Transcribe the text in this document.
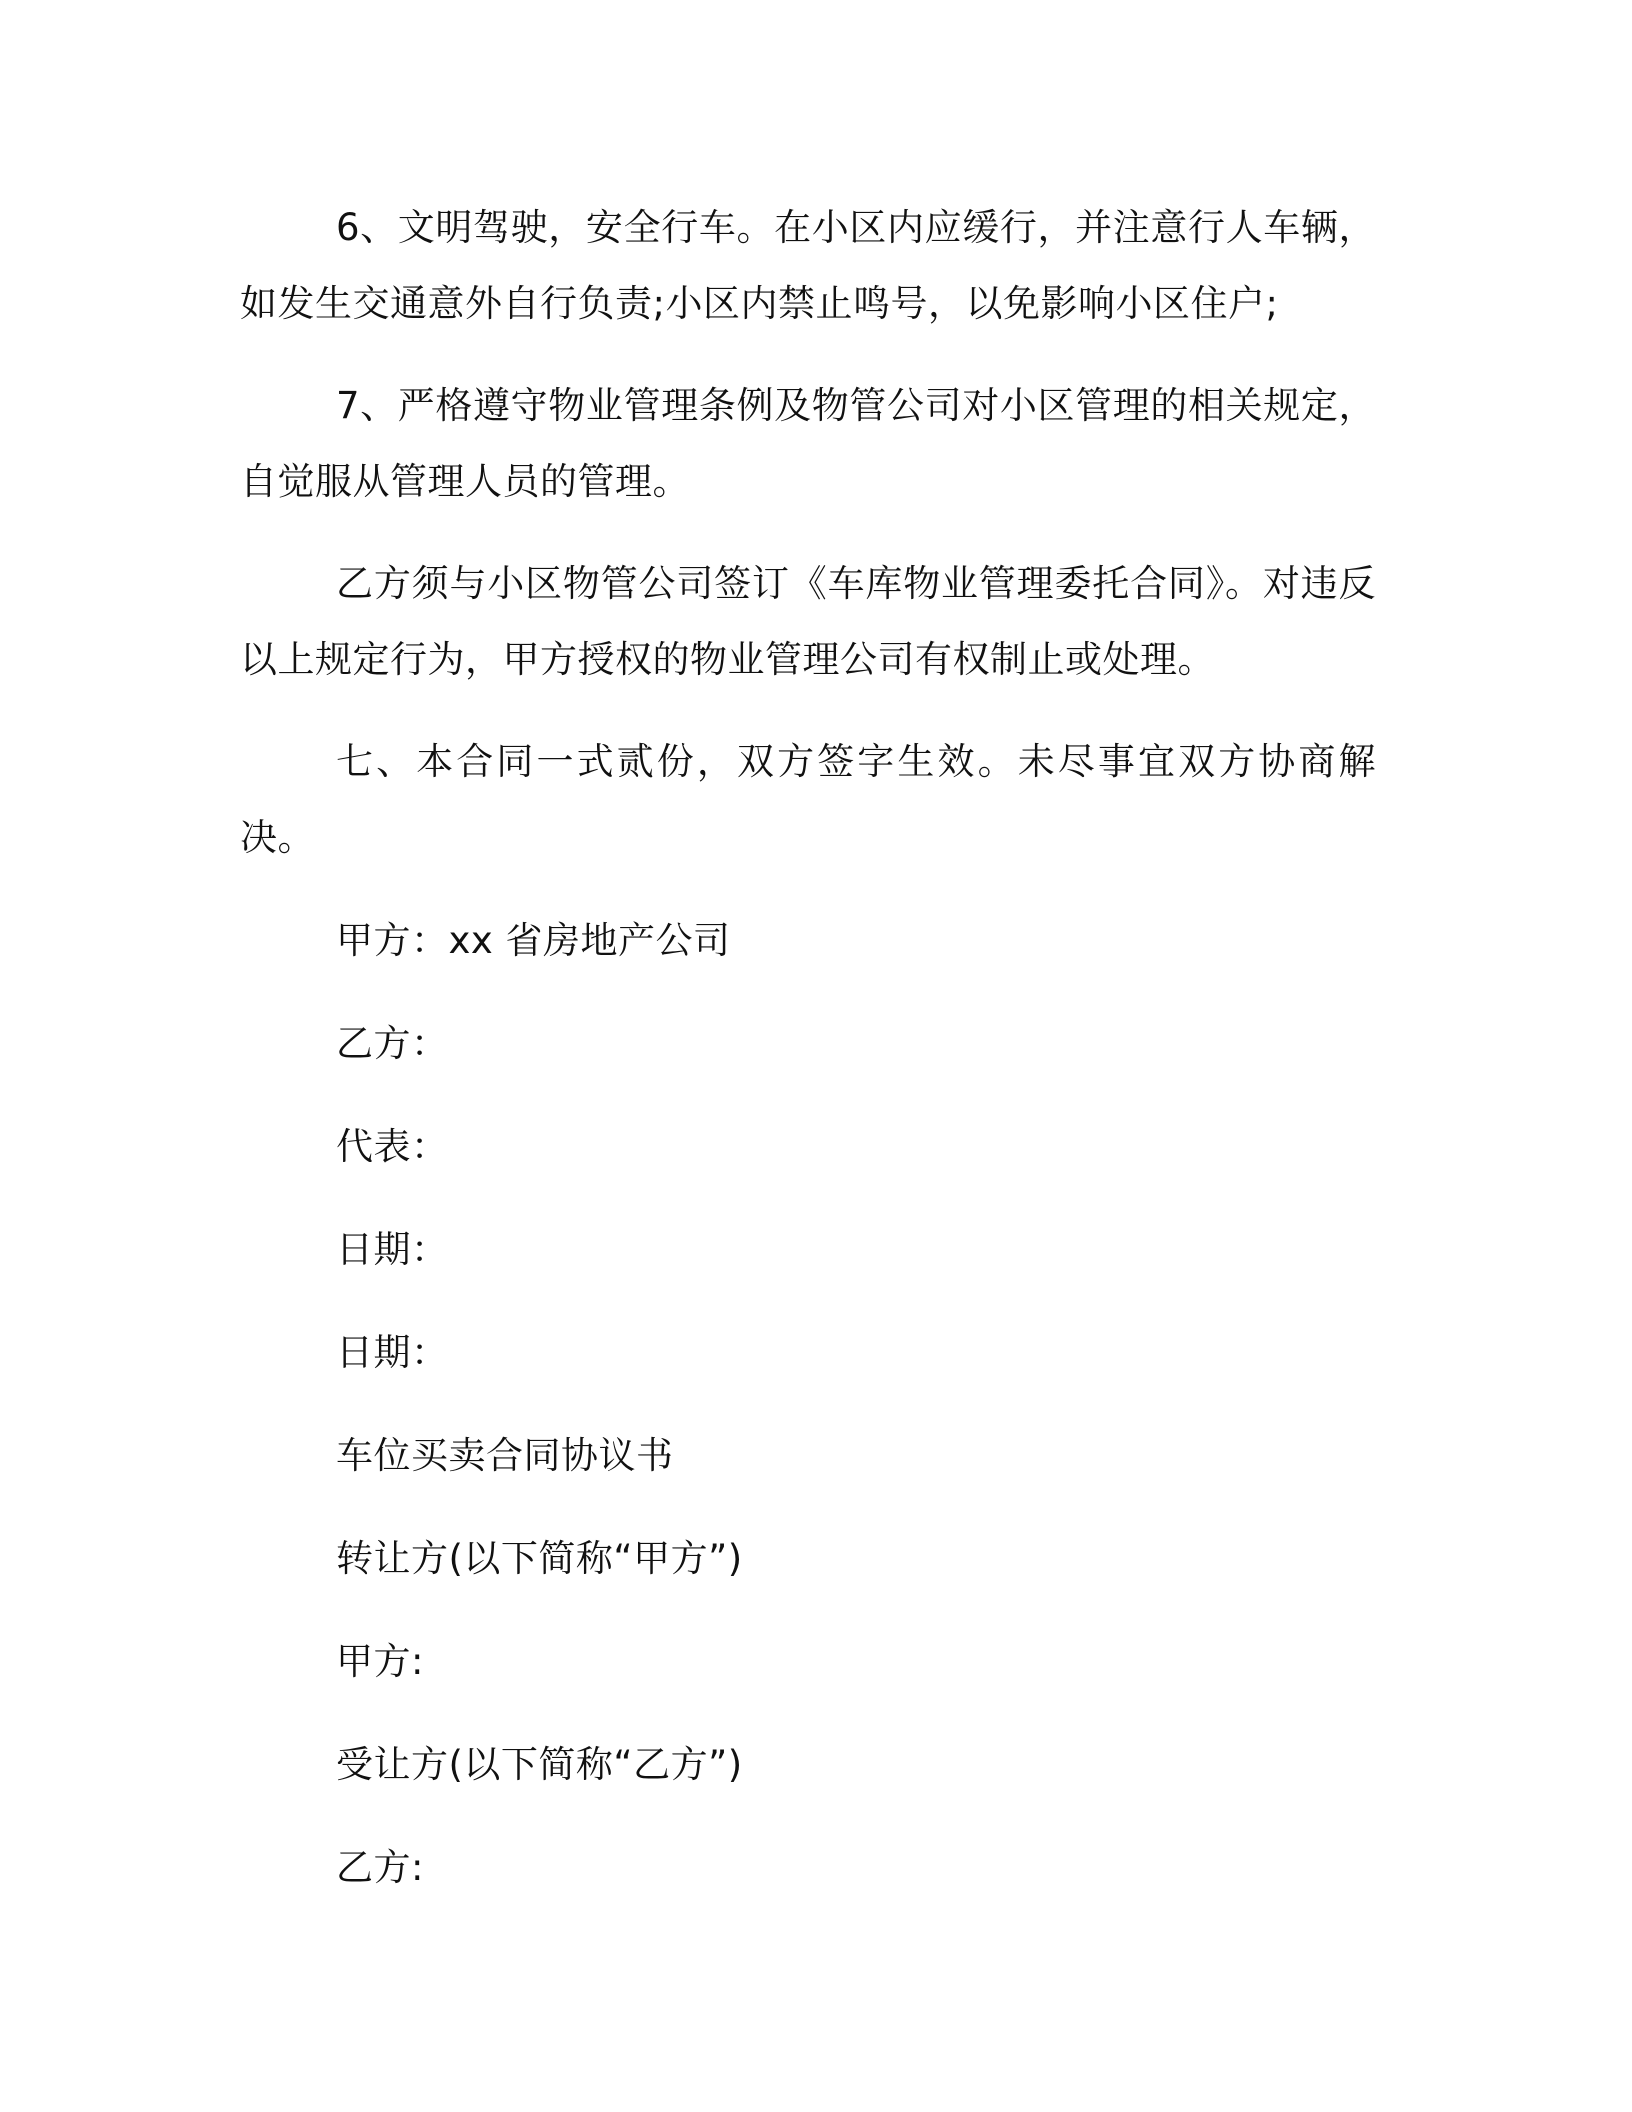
6、文明驾驶，安全行车。在小区内应缓行，并注意行人车辆，如发生交通意外自行负责;小区内禁止鸣号，以免影响小区住户;

7、严格遵守物业管理条例及物管公司对小区管理的相关规定，自觉服从管理人员的管理。

乙方须与小区物管公司签订《车库物业管理委托合同》。对违反以上规定行为，甲方授权的物业管理公司有权制止或处理。

七、本合同一式贰份，双方签字生效。未尽事宜双方协商解决。

甲方：xx 省房地产公司

乙方：

代表：

日期：

日期：

车位买卖合同协议书

转让方(以下简称“甲方”)

甲方:

受让方(以下简称“乙方”)

乙方:
